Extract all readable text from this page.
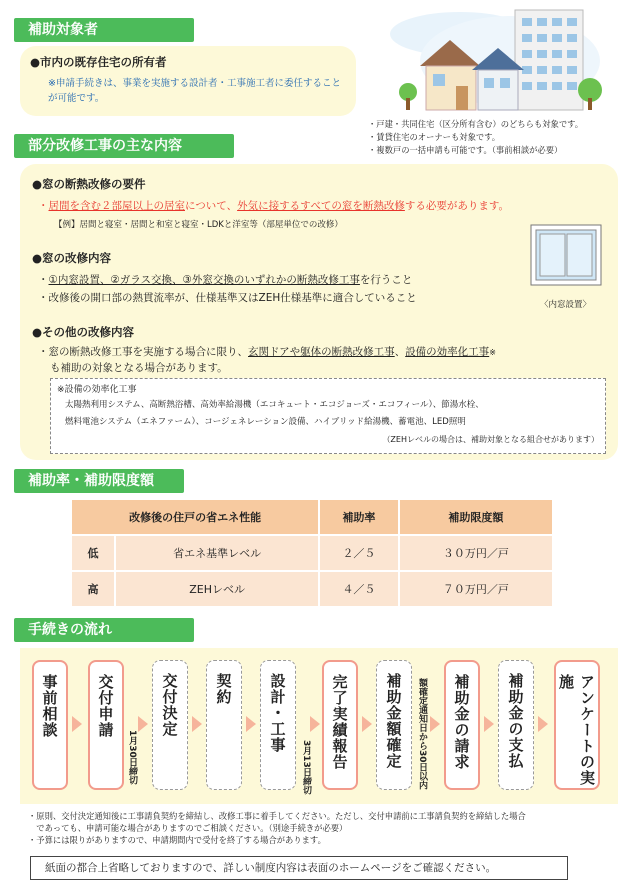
補助対象者
●市内の既存住宅の所有者
※申請手続きは、事業を実施する設計者・工事施工者に委任することが可能です。
・戸建・共同住宅（区分所有含む）のどちらも対象です。
・賃貸住宅のオーナーも対象です。
・複数戸の一括申請も可能です。（事前相談が必要）
部分改修工事の主な内容
●窓の断熱改修の要件
・居間を含む２部屋以上の居室について、外気に接するすべての窓を断熱改修する必要があります。
【例】居間と寝室・居間と和室と寝室・LDKと洋室等（部屋単位での改修）
●窓の改修内容
・①内窓設置、②ガラス交換、③外窓交換のいずれかの断熱改修工事を行うこと
・改修後の開口部の熱貫流率が、仕様基準又はZEH仕様基準に適合していること
〈内窓設置〉
●その他の改修内容
・窓の断熱改修工事を実施する場合に限り、玄関ドアや躯体の断熱改修工事、設備の効率化工事※
も補助の対象となる場合があります。
※設備の効率化工事
太陽熱利用システム、高断熱浴槽、高効率給湯機（エコキュート・エコジョーズ・エコフィール）、節湯水栓、
燃料電池システム（エネファーム）、コージェネレーション設備、ハイブリッド給湯機、蓄電池、LED照明
（ZEHレベルの場合は、補助対象となる組合せがあります）
補助率・補助限度額
改修後の住戸の省エネ性能		補助率	補助限度額
低	省エネ基準レベル	２／５	３０万円／戸
高	ZEHレベル	４／５	７０万円／戸
手続きの流れ
事前相談	交付申請
1月30日締切
交付決定 契約 設計・工事
3月13日締切 完了実績報告 補助金額確定 額確定通知日から30日以内 補助金の請求 補助金の支払	アンケートの実施
・原則、交付決定通知後に工事請負契約を締結し、改修工事に着手してください。ただし、交付申請前に工事請負契約を締結した場合
　であっても、申請可能な場合がありますのでご相談ください。（別途手続きが必要）
・予算には限りがありますので、申請期間内で受付を終了する場合があります。
紙面の都合上省略しておりますので、詳しい制度内容は表面のホームページをご確認ください。
